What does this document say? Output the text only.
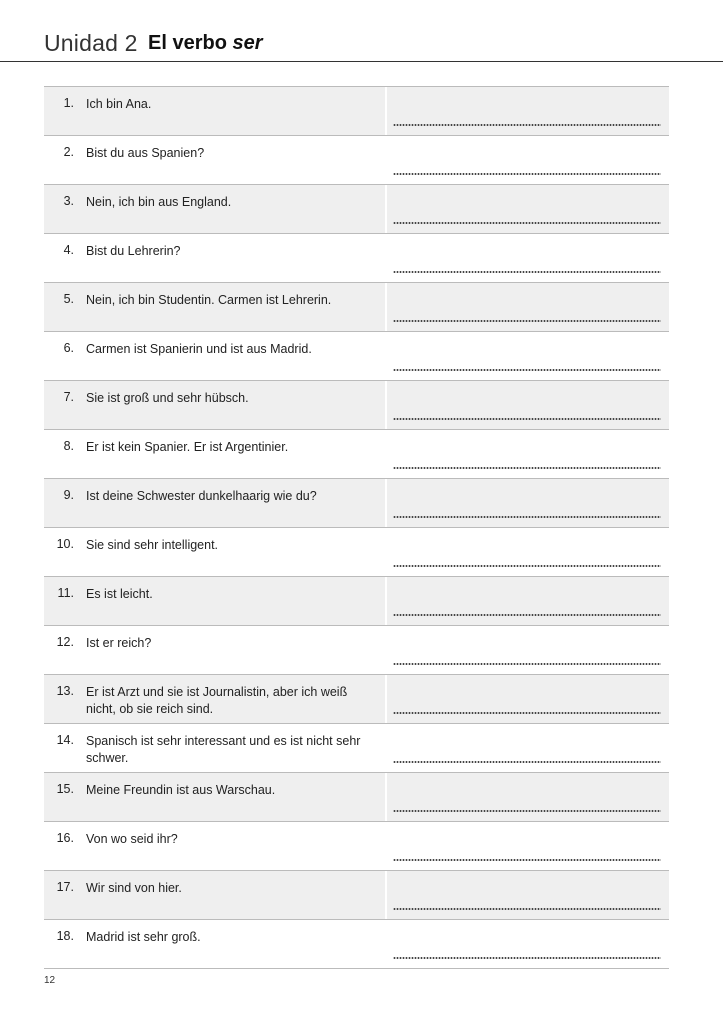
Unidad 2 El verbo ser
1. Ich bin Ana.
2. Bist du aus Spanien?
3. Nein, ich bin aus England.
4. Bist du Lehrerin?
5. Nein, ich bin Studentin. Carmen ist Lehrerin.
6. Carmen ist Spanierin und ist aus Madrid.
7. Sie ist groß und sehr hübsch.
8. Er ist kein Spanier. Er ist Argentinier.
9. Ist deine Schwester dunkelhaarig wie du?
10. Sie sind sehr intelligent.
11. Es ist leicht.
12. Ist er reich?
13. Er ist Arzt und sie ist Journalistin, aber ich weiß nicht, ob sie reich sind.
14. Spanisch ist sehr interessant und es ist nicht sehr schwer.
15. Meine Freundin ist aus Warschau.
16. Von wo seid ihr?
17. Wir sind von hier.
18. Madrid ist sehr groß.
12
